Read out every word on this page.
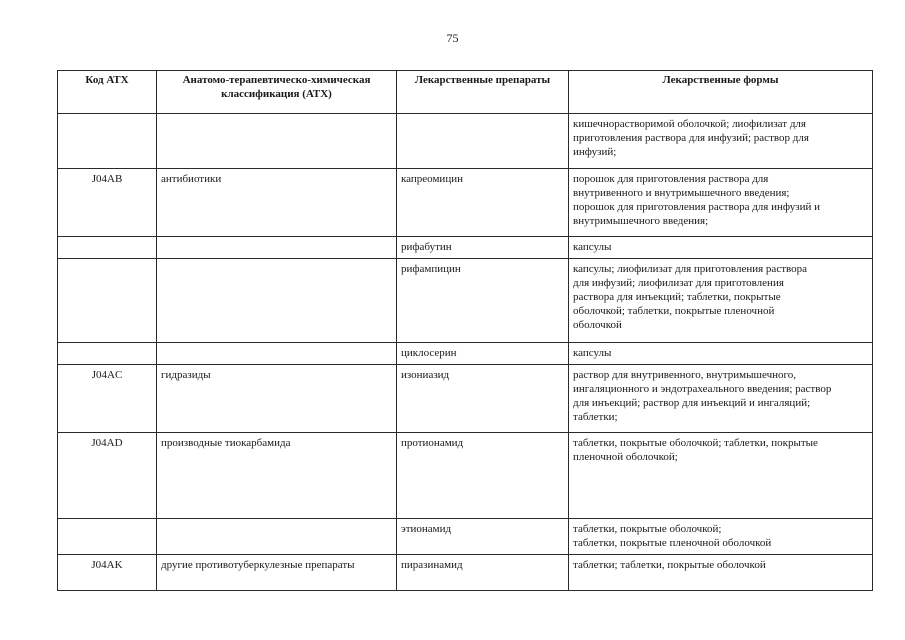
75
Код АТХ	Анатомо-терапевтическо-химическая классификация (АТХ)	Лекарственные препараты	Лекарственные формы

			кишечнорастворимой оболочкой; лиофилизат для
приготовления раствора для инфузий; раствор для
инфузий;

J04AB	антибиотики	капреомицин	порошок для приготовления раствора для
внутривенного и внутримышечного введения;
порошок для приготовления раствора для инфузий и
внутримышечного введения;

		рифабутин	капсулы

		рифампицин	капсулы; лиофилизат для приготовления раствора
для инфузий; лиофилизат для приготовления
раствора для инъекций; таблетки, покрытые
оболочкой; таблетки, покрытые пленочной
оболочкой

		циклосерин	капсулы

J04AC	гидразиды	изониазид	раствор для внутривенного, внутримышечного,
ингаляционного и эндотрахеального введения; раствор
для инъекций; раствор для инъекций и ингаляций;
таблетки;

J04AD	производные тиокарбамида	протионамид	таблетки, покрытые оболочкой; таблетки, покрытые
пленочной оболочкой;

		этионамид	таблетки, покрытые оболочкой;
таблетки, покрытые пленочной оболочкой

J04AK	другие противотуберкулезные препараты	пиразинамид	таблетки; таблетки, покрытые оболочкой
